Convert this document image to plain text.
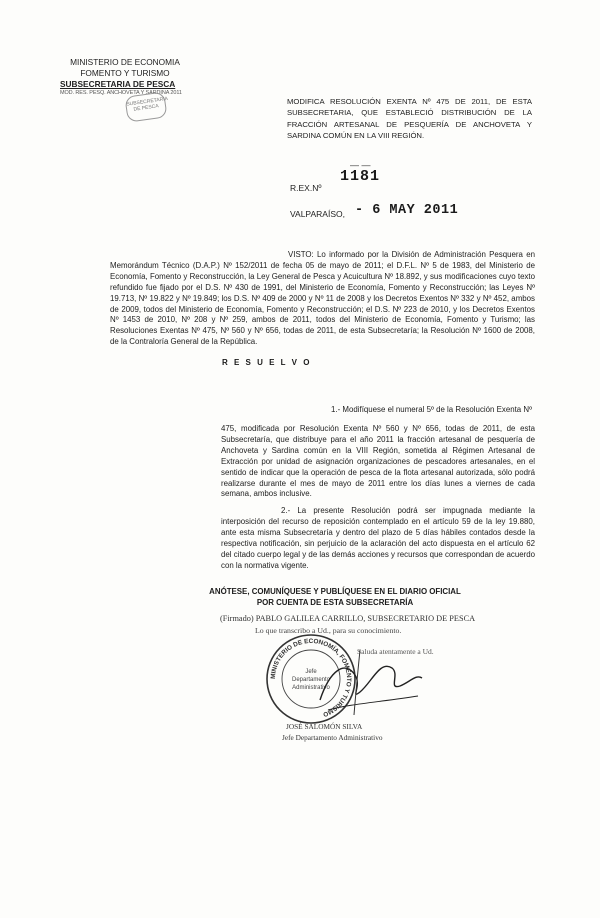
MINISTERIO DE ECONOMIA
FOMENTO Y TURISMO
SUBSECRETARIA DE PESCA
MOD. RES. PESQ. ANCHOVETA Y SARDINA 2011
SUBSECRETARIA DE PESCA
MODIFICA RESOLUCIÓN EXENTA Nº 475 DE 2011, DE ESTA SUBSECRETARIA, QUE ESTABLECIÓ DISTRIBUCIÓN DE LA FRACCIÓN ARTESANAL DE PESQUERÍA DE ANCHOVETA Y SARDINA COMÚN EN LA VIII REGIÓN.
— —
R.EX.Nº
1181
VALPARAÍSO, - 6 MAY 2011
VISTO: Lo informado por la División de Administración Pesquera en Memorándum Técnico (D.A.P.) Nº 152/2011 de fecha 05 de mayo de 2011; el D.F.L. Nº 5 de 1983, del Ministerio de Economía, Fomento y Reconstrucción, la Ley General de Pesca y Acuicultura Nº 18.892, y sus modificaciones cuyo texto refundido fue fijado por el D.S. Nº 430 de 1991, del Ministerio de Economía, Fomento y Reconstrucción; las Leyes Nº 19.713, Nº 19.822 y Nº 19.849; los D.S. Nº 409 de 2000 y Nº 11 de 2008 y los Decretos Exentos Nº 332 y Nº 452, ambos de 2009, todos del Ministerio de Economía, Fomento y Reconstrucción; el D.S. Nº 223 de 2010, y los Decretos Exentos Nº 1453 de 2010, Nº 208 y Nº 259, ambos de 2011, todos del Ministerio de Economía, Fomento y Turismo; las Resoluciones Exentas Nº 475, Nº 560 y Nº 656, todas de 2011, de esta Subsecretaría; la Resolución Nº 1600 de 2008, de la Contraloría General de la República.
R E S U E L V O
1.- Modifíquese el numeral 5º de la Resolución Exenta Nº
475, modificada por Resolución Exenta Nº 560 y Nº 656, todas de 2011, de esta Subsecretaría, que distribuye para el año 2011 la fracción artesanal de pesquería de Anchoveta y Sardina común en la VIII Región, sometida al Régimen Artesanal de Extracción por unidad de asignación organizaciones de pescadores artesanales, en el sentido de indicar que la operación de pesca de la flota artesanal autorizada, sólo podrá realizarse durante el mes de mayo de 2011 entre los días lunes a viernes de cada semana, ambos inclusive.
2.- La presente Resolución podrá ser impugnada mediante la interposición del recurso de reposición contemplado en el artículo 59 de la ley 19.880, ante esta misma Subsecretaría y dentro del plazo de 5 días hábiles contados desde la respectiva notificación, sin perjuicio de la aclaración del acto dispuesta en el artículo 62 del citado cuerpo legal y de las demás acciones y recursos que correspondan de acuerdo con la normativa vigente.
ANÓTESE, COMUNÍQUESE Y PUBLÍQUESE EN EL DIARIO OFICIAL
POR CUENTA DE ESTA SUBSECRETARÍA
(Firmado) PABLO GALILEA CARRILLO, SUBSECRETARIO DE PESCA
Lo que transcribo a Ud., para su conocimiento.
MINISTERIO DE ECONOMÍA, FOMENTO Y TURISMO
Jefe
Departamento
Administrativo
Saluda atentamente a Ud.
JOSÉ SALOMÓN SILVA
Jefe Departamento Administrativo
